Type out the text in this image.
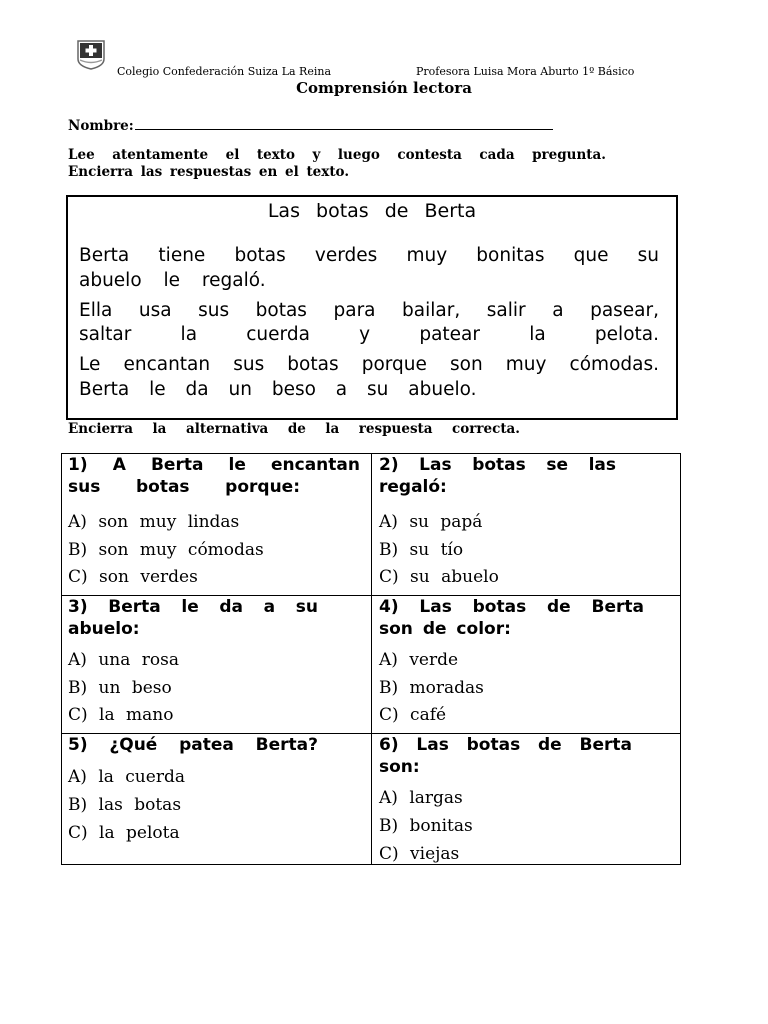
Colegio Confederación Suiza La Reina	Profesora Luisa Mora Aburto 1º Básico
Comprensión lectora
Nombre:
Lee atentamente el texto y luego contesta cada pregunta.
Encierra las respuestas en el texto.
Las botas de Berta
Berta tiene botas verdes muy bonitas que su
abuelo le regaló.
Ella usa sus botas para bailar, salir a pasear,
saltar la cuerda y patear la pelota.
Le encantan sus botas porque son muy cómodas.
Berta le da un beso a su abuelo.
Encierra la alternativa de la respuesta correcta.
1) A Berta le encantan
sus botas porque:
A) son muy lindas
B) son muy cómodas
C) son verdes
2) Las botas se las
regaló:
A) su papá
B) su tío
C) su abuelo
3) Berta le da a su
abuelo:
A) una rosa
B) un beso
C) la mano
4) Las botas de Berta
son de color:
A) verde
B) moradas
C) café
5) ¿Qué patea Berta?
A) la cuerda
B) las botas
C) la pelota
6) Las botas de Berta
son:
A) largas
B) bonitas
C) viejas
